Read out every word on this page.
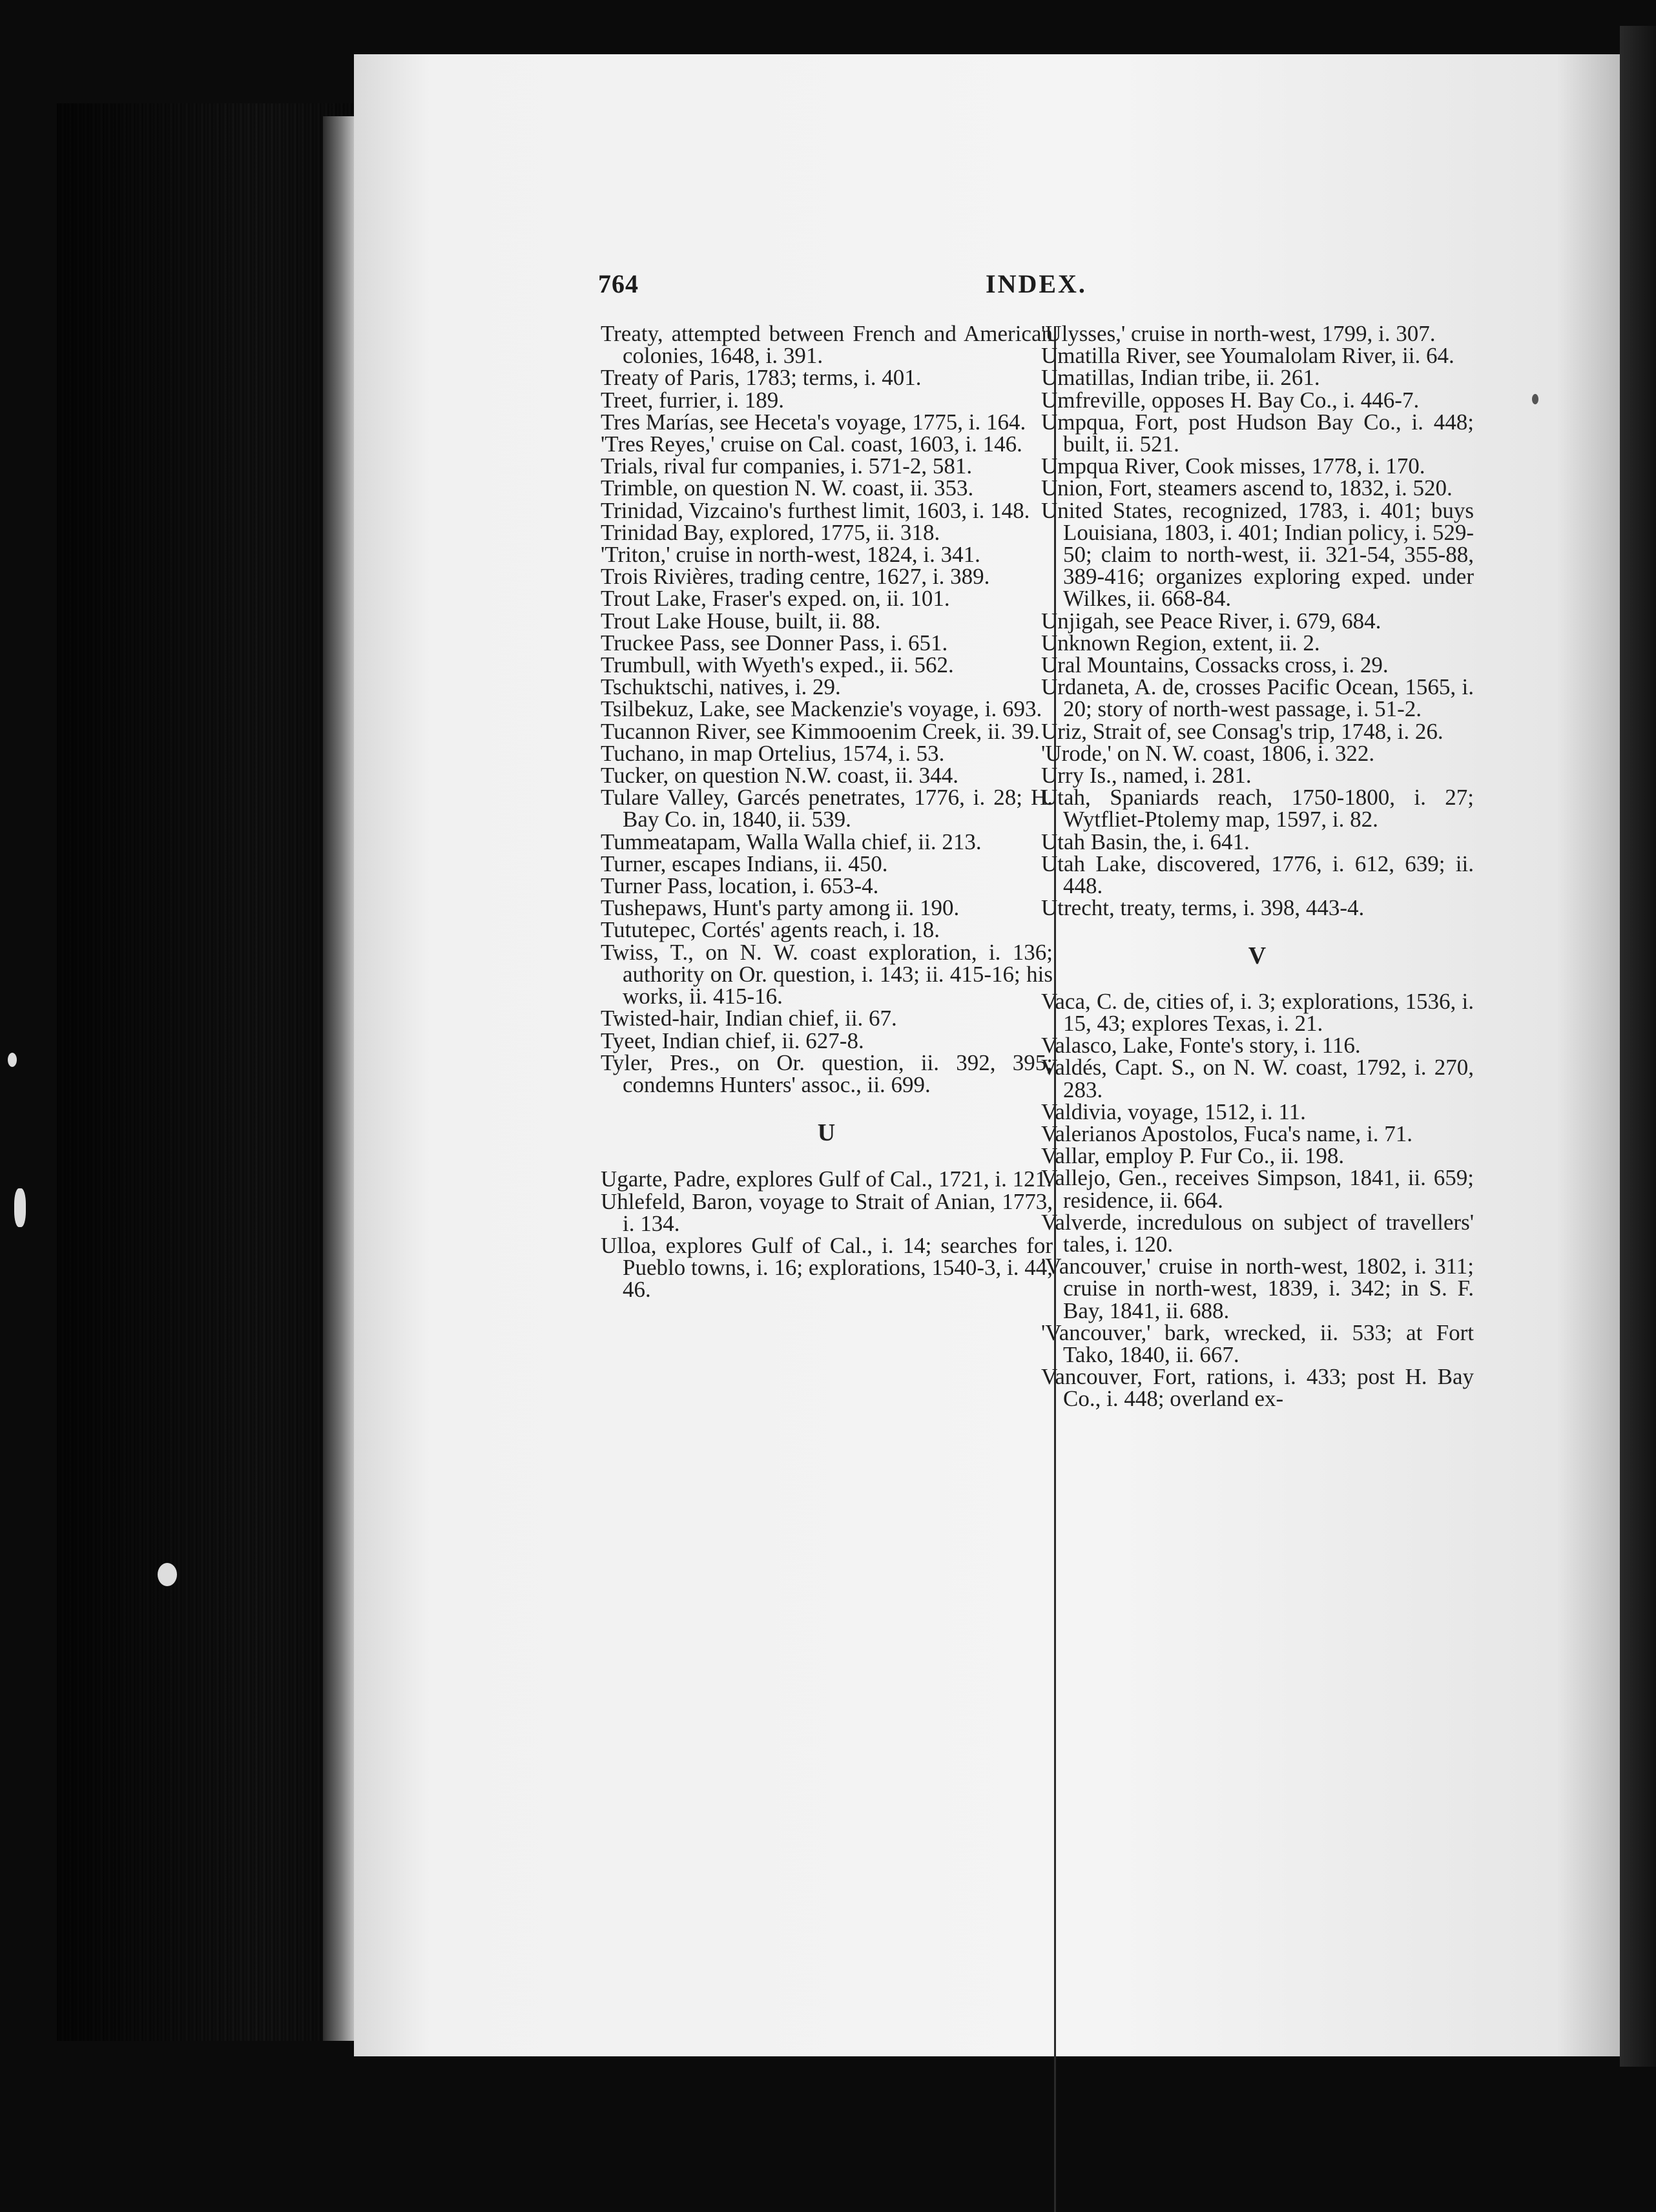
764	INDEX.
Treaty, attempted between French and American colonies, 1648, i. 391.
Treaty of Paris, 1783; terms, i. 401.
Treet, furrier, i. 189.
Tres Marías, see Heceta's voyage, 1775, i. 164.
'Tres Reyes,' cruise on Cal. coast, 1603, i. 146.
Trials, rival fur companies, i. 571-2, 581.
Trimble, on question N. W. coast, ii. 353.
Trinidad, Vizcaino's furthest limit, 1603, i. 148.
Trinidad Bay, explored, 1775, ii. 318.
'Triton,' cruise in north-west, 1824, i. 341.
Trois Rivières, trading centre, 1627, i. 389.
Trout Lake, Fraser's exped. on, ii. 101.
Trout Lake House, built, ii. 88.
Truckee Pass, see Donner Pass, i. 651.
Trumbull, with Wyeth's exped., ii. 562.
Tschuktschi, natives, i. 29.
Tsilbekuz, Lake, see Mackenzie's voyage, i. 693.
Tucannon River, see Kimmooenim Creek, ii. 39.
Tuchano, in map Ortelius, 1574, i. 53.
Tucker, on question N.W. coast, ii. 344.
Tulare Valley, Garcés penetrates, 1776, i. 28; H. Bay Co. in, 1840, ii. 539.
Tummeatapam, Walla Walla chief, ii. 213.
Turner, escapes Indians, ii. 450.
Turner Pass, location, i. 653-4.
Tushepaws, Hunt's party among ii. 190.
Tututepec, Cortés' agents reach, i. 18.
Twiss, T., on N. W. coast exploration, i. 136; authority on Or. question, i. 143; ii. 415-16; his works, ii. 415-16.
Twisted-hair, Indian chief, ii. 67.
Tyeet, Indian chief, ii. 627-8.
Tyler, Pres., on Or. question, ii. 392, 395; condemns Hunters' assoc., ii. 699.
U
Ugarte, Padre, explores Gulf of Cal., 1721, i. 121.
Uhlefeld, Baron, voyage to Strait of Anian, 1773, i. 134.
Ulloa, explores Gulf of Cal., i. 14; searches for Pueblo towns, i. 16; explorations, 1540-3, i. 44, 46.
'Ulysses,' cruise in north-west, 1799, i. 307.
Umatilla River, see Youmalolam River, ii. 64.
Umatillas, Indian tribe, ii. 261.
Umfreville, opposes H. Bay Co., i. 446-7.
Umpqua, Fort, post Hudson Bay Co., i. 448; built, ii. 521.
Umpqua River, Cook misses, 1778, i. 170.
Union, Fort, steamers ascend to, 1832, i. 520.
United States, recognized, 1783, i. 401; buys Louisiana, 1803, i. 401; Indian policy, i. 529-50; claim to north-west, ii. 321-54, 355-88, 389-416; organizes exploring exped. under Wilkes, ii. 668-84.
Unjigah, see Peace River, i. 679, 684.
Unknown Region, extent, ii. 2.
Ural Mountains, Cossacks cross, i. 29.
Urdaneta, A. de, crosses Pacific Ocean, 1565, i. 20; story of north-west passage, i. 51-2.
Uriz, Strait of, see Consag's trip, 1748, i. 26.
'Urode,' on N. W. coast, 1806, i. 322.
Urry Is., named, i. 281.
Utah, Spaniards reach, 1750-1800, i. 27; Wytfliet-Ptolemy map, 1597, i. 82.
Utah Basin, the, i. 641.
Utah Lake, discovered, 1776, i. 612, 639; ii. 448.
Utrecht, treaty, terms, i. 398, 443-4.
V
Vaca, C. de, cities of, i. 3; explorations, 1536, i. 15, 43; explores Texas, i. 21.
Valasco, Lake, Fonte's story, i. 116.
Valdés, Capt. S., on N. W. coast, 1792, i. 270, 283.
Valdivia, voyage, 1512, i. 11.
Valerianos Apostolos, Fuca's name, i. 71.
Vallar, employ P. Fur Co., ii. 198.
Vallejo, Gen., receives Simpson, 1841, ii. 659; residence, ii. 664.
Valverde, incredulous on subject of travellers' tales, i. 120.
'Vancouver,' cruise in north-west, 1802, i. 311; cruise in north-west, 1839, i. 342; in S. F. Bay, 1841, ii. 688.
'Vancouver,' bark, wrecked, ii. 533; at Fort Tako, 1840, ii. 667.
Vancouver, Fort, rations, i. 433; post H. Bay Co., i. 448; overland ex-
